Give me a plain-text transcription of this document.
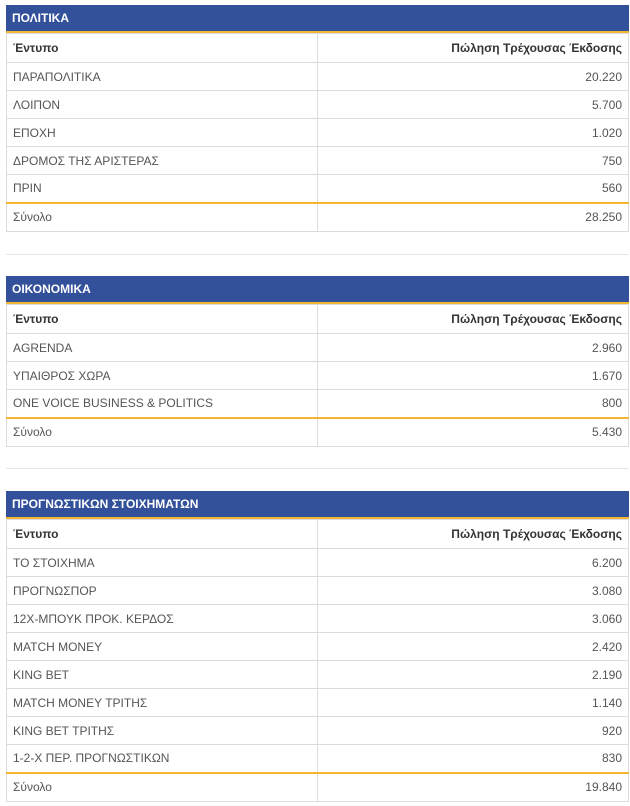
ΠΟΛΙΤΙΚΑ
Έντυπο	Πώληση Τρέχουσας Έκδοσης
ΠΑΡΑΠΟΛΙΤΙΚΑ	20.220
ΛΟΙΠΟΝ	5.700
ΕΠΟΧΗ	1.020
ΔΡΟΜΟΣ ΤΗΣ ΑΡΙΣΤΕΡΑΣ	750
ΠΡΙΝ	560
Σύνολο	28.250
ΟΙΚΟΝΟΜΙΚΑ
Έντυπο	Πώληση Τρέχουσας Έκδοσης
AGRENDA	2.960
ΥΠΑΙΘΡΟΣ ΧΩΡΑ	1.670
ONE VOICE BUSINESS & POLITICS	800
Σύνολο	5.430
ΠΡΟΓΝΩΣΤΙΚΩΝ ΣΤΟΙΧΗΜΑΤΩΝ
Έντυπο	Πώληση Τρέχουσας Έκδοσης
ΤΟ ΣΤΟΙΧΗΜΑ	6.200
ΠΡΟΓΝΩΣΠΟΡ	3.080
12X-ΜΠΟΥΚ ΠΡΟΚ. ΚΕΡΔΟΣ	3.060
MATCH MONEY	2.420
KING BET	2.190
MATCH MONEY ΤΡΙΤΗΣ	1.140
KING BET ΤΡΙΤΗΣ	920
1-2-X ΠΕΡ. ΠΡΟΓΝΩΣΤΙΚΩΝ	830
Σύνολο	19.840
